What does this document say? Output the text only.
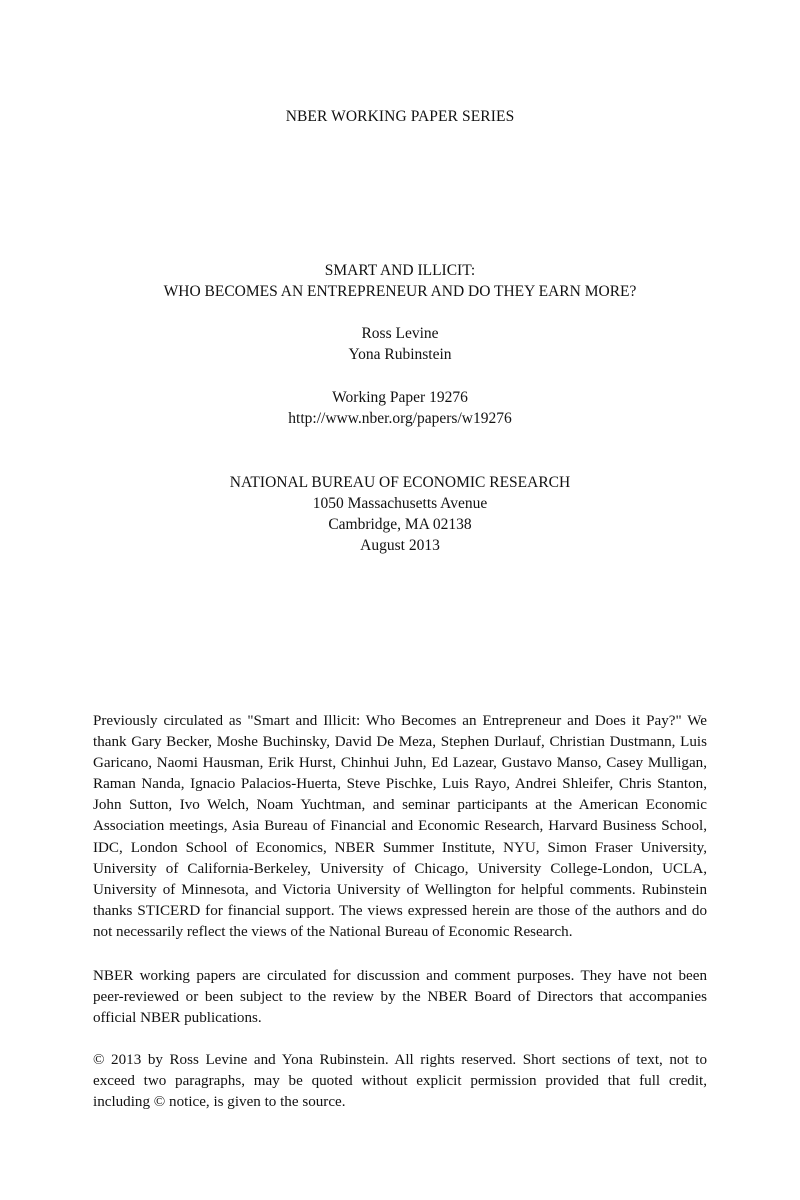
NBER WORKING PAPER SERIES
SMART AND ILLICIT:
WHO BECOMES AN ENTREPRENEUR AND DO THEY EARN MORE?
Ross Levine
Yona Rubinstein
Working Paper 19276
http://www.nber.org/papers/w19276
NATIONAL BUREAU OF ECONOMIC RESEARCH
1050 Massachusetts Avenue
Cambridge, MA 02138
August 2013

Previously circulated as "Smart and Illicit: Who Becomes an Entrepreneur and Does it Pay?" We thank Gary Becker, Moshe Buchinsky, David De Meza, Stephen Durlauf, Christian Dustmann, Luis Garicano, Naomi Hausman, Erik Hurst, Chinhui Juhn, Ed Lazear, Gustavo Manso, Casey Mulligan, Raman Nanda, Ignacio Palacios-Huerta, Steve Pischke, Luis Rayo, Andrei Shleifer, Chris Stanton, John Sutton, Ivo Welch, Noam Yuchtman, and seminar participants at the American Economic Association meetings, Asia Bureau of Financial and Economic Research, Harvard Business School, IDC, London School of Economics, NBER Summer Institute, NYU, Simon Fraser University, University of California-Berkeley, University of Chicago, University College-London, UCLA, University of Minnesota, and Victoria University of Wellington for helpful comments. Rubinstein thanks STICERD for financial support. The views expressed herein are those of the authors and do not necessarily reflect the views of the National Bureau of Economic Research.

NBER working papers are circulated for discussion and comment purposes. They have not been peer-reviewed or been subject to the review by the NBER Board of Directors that accompanies official NBER publications.

© 2013 by Ross Levine and Yona Rubinstein. All rights reserved. Short sections of text, not to exceed two paragraphs, may be quoted without explicit permission provided that full credit, including © notice, is given to the source.
